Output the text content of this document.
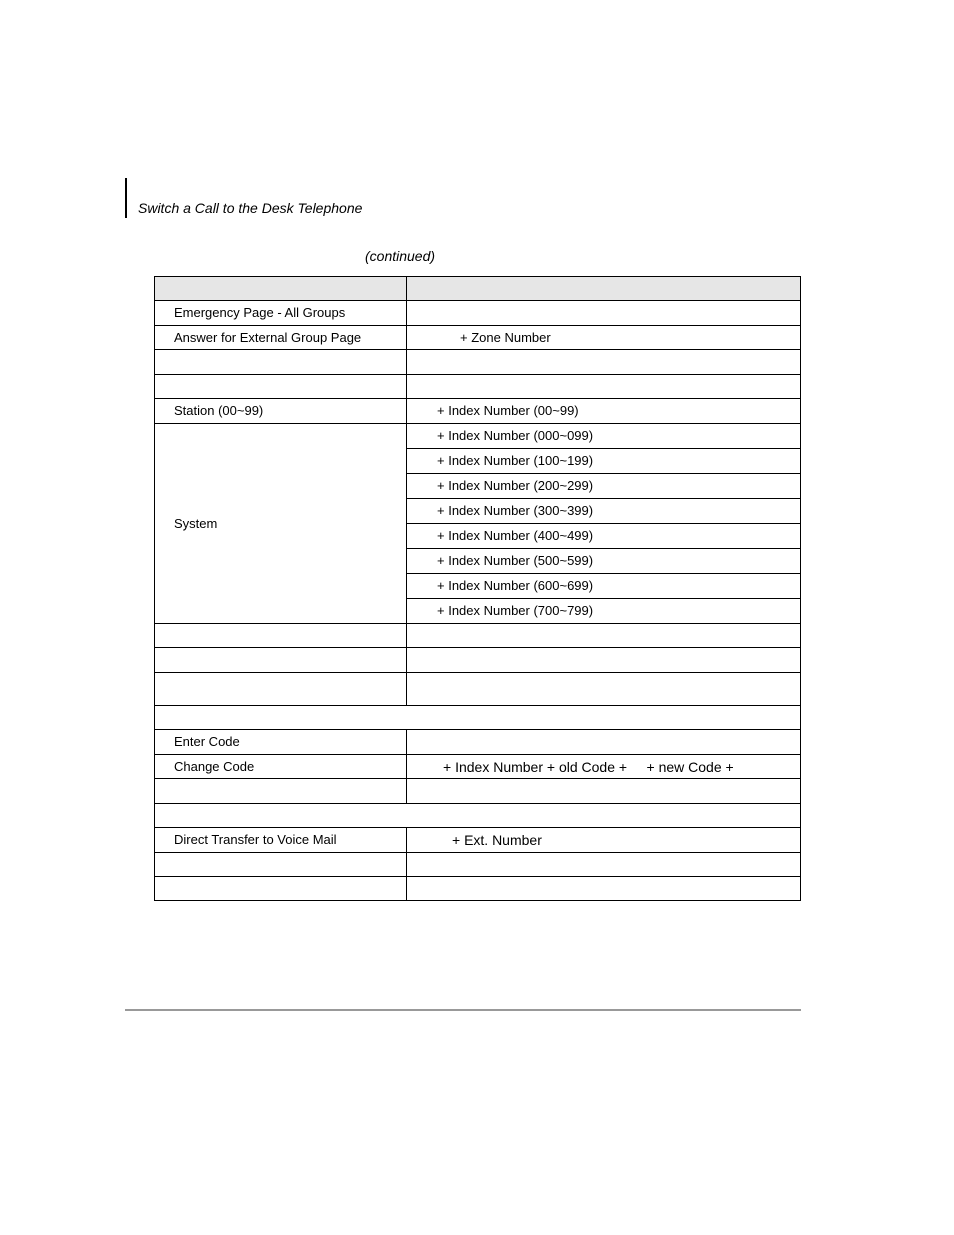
Switch a Call to the Desk Telephone
(continued)

Emergency Page - All Groups	
Answer for External Group Page	+ Zone Number

Station (00~99)	+ Index Number (00~99)
System	+ Index Number (000~099)
	+ Index Number (100~199)
	+ Index Number (200~299)
	+ Index Number (300~399)
	+ Index Number (400~499)
	+ Index Number (500~599)
	+ Index Number (600~699)
	+ Index Number (700~799)

Enter Code	
Change Code	+ Index Number + old Code +     + new Code +

Direct Transfer to Voice Mail	+ Ext. Number
